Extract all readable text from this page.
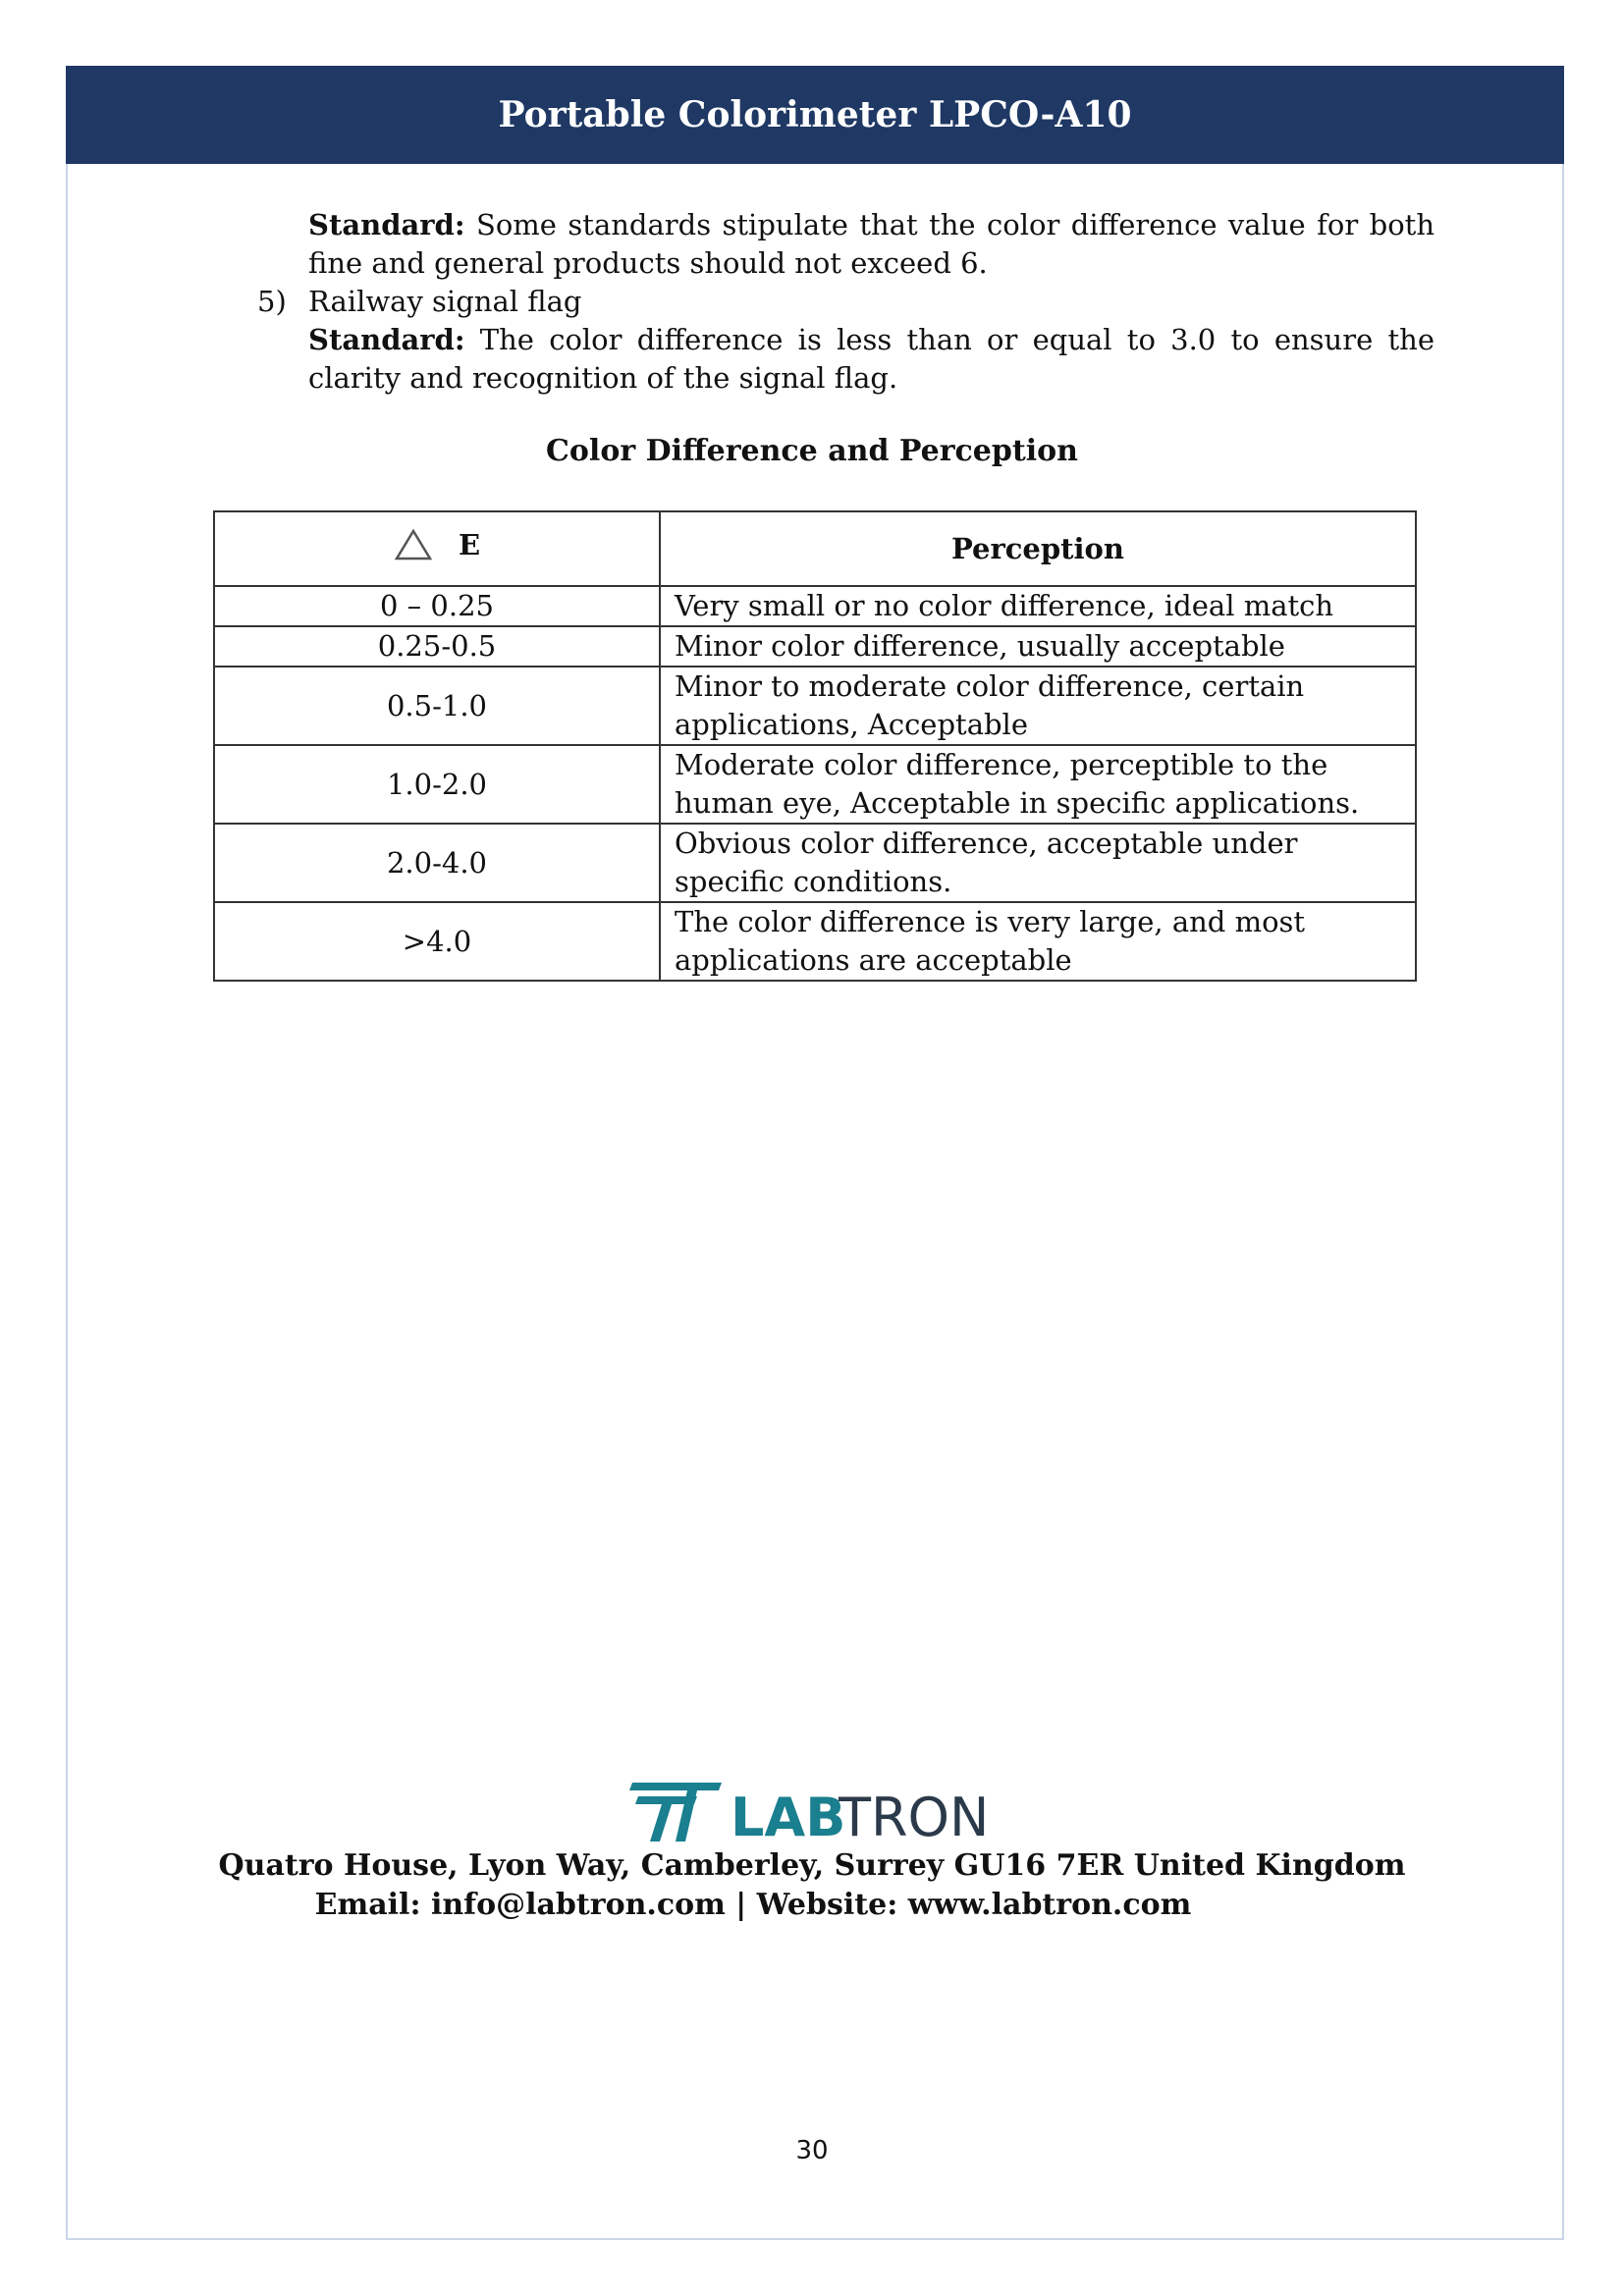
Portable Colorimeter LPCO-A10
Standard: Some standards stipulate that the color difference value for both fine and general products should not exceed 6.
5) Railway signal flag
Standard: The color difference is less than or equal to 3.0 to ensure the clarity and recognition of the signal flag.
Color Difference and Perception
E	Perception
0 – 0.25	Very small or no color difference, ideal match
0.25-0.5	Minor color difference, usually acceptable
0.5-1.0	Minor to moderate color difference, certain applications, Acceptable
1.0-2.0	Moderate color difference, perceptible to the human eye, Acceptable in specific applications.
2.0-4.0	Obvious color difference, acceptable under specific conditions.
>4.0	The color difference is very large, and most applications are acceptable
LAB
TRON
Quatro House, Lyon Way, Camberley, Surrey GU16 7ER United Kingdom
Email: info@labtron.com | Website: www.labtron.com
30
